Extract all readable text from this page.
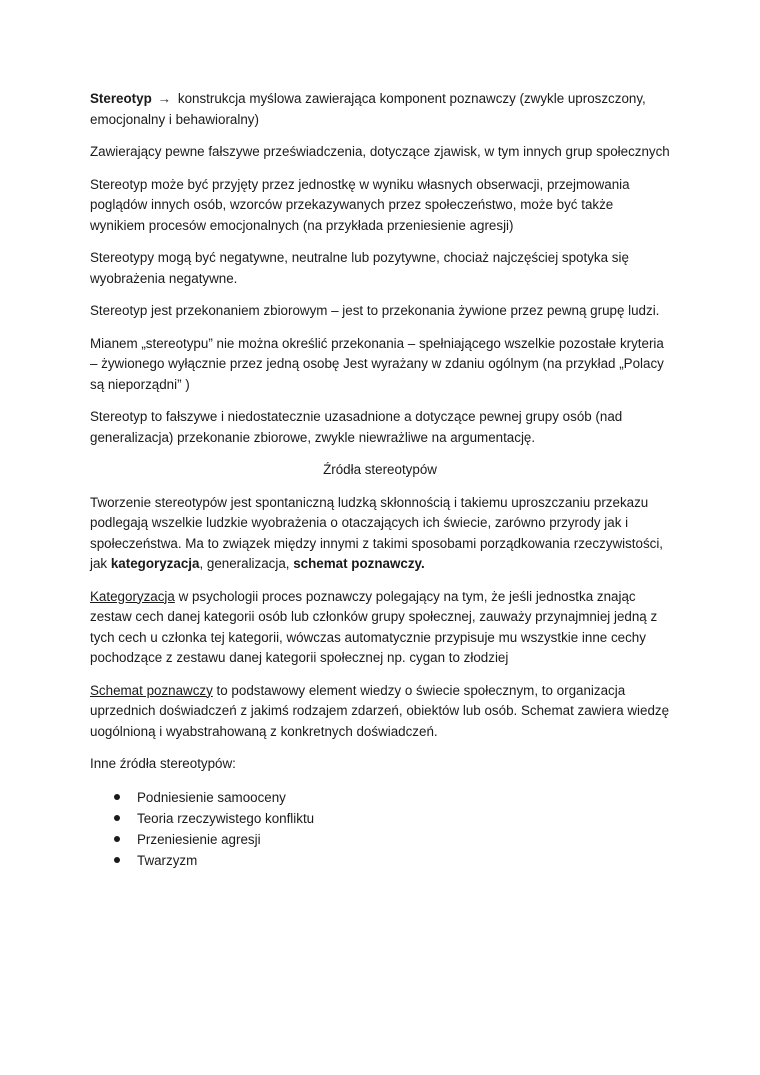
Stereotyp → konstrukcja myślowa zawierająca komponent poznawczy (zwykle uproszczony, emocjonalny i behawioralny)

Zawierający pewne fałszywe przeświadczenia, dotyczące zjawisk, w tym innych grup społecznych

Stereotyp może być przyjęty przez jednostkę w wyniku własnych obserwacji, przejmowania poglądów innych osób, wzorców przekazywanych przez społeczeństwo, może być także wynikiem procesów emocjonalnych (na przykłada przeniesienie agresji)

Stereotypy mogą być negatywne, neutralne lub pozytywne, chociaż najczęściej spotyka się wyobrażenia negatywne.

Stereotyp jest przekonaniem zbiorowym – jest to przekonania żywione przez pewną grupę ludzi.

Mianem „stereotypu” nie można określić przekonania – spełniającego wszelkie pozostałe kryteria – żywionego wyłącznie przez jedną osobę Jest wyrażany w zdaniu ogólnym (na przykład „Polacy są nieporządni” )

Stereotyp to fałszywe i niedostatecznie uzasadnione a dotyczące pewnej grupy osób (nad generalizacja) przekonanie zbiorowe, zwykle niewrażliwe na argumentację.

Źródła stereotypów

Tworzenie stereotypów jest spontaniczną ludzką skłonnością i takiemu uproszczaniu przekazu podlegają wszelkie ludzkie wyobrażenia o otaczających ich świecie, zarówno przyrody jak i społeczeństwa. Ma to związek między innymi z takimi sposobami porządkowania rzeczywistości, jak kategoryzacja, generalizacja, schemat poznawczy.

Kategoryzacja w psychologii proces poznawczy polegający na tym, że jeśli jednostka znając zestaw cech danej kategorii osób lub członków grupy społecznej, zauważy przynajmniej jedną z tych cech u członka tej kategorii, wówczas automatycznie przypisuje mu wszystkie inne cechy pochodzące z zestawu danej kategorii społecznej np. cygan to złodziej

Schemat poznawczy to podstawowy element wiedzy o świecie społecznym, to organizacja uprzednich doświadczeń z jakimś rodzajem zdarzeń, obiektów lub osób. Schemat zawiera wiedzę uogólnioną i wyabstrahowaną z konkretnych doświadczeń.

Inne źródła stereotypów:

Podniesienie samooceny
Teoria rzeczywistego konfliktu
Przeniesienie agresji
Twarzyzm
